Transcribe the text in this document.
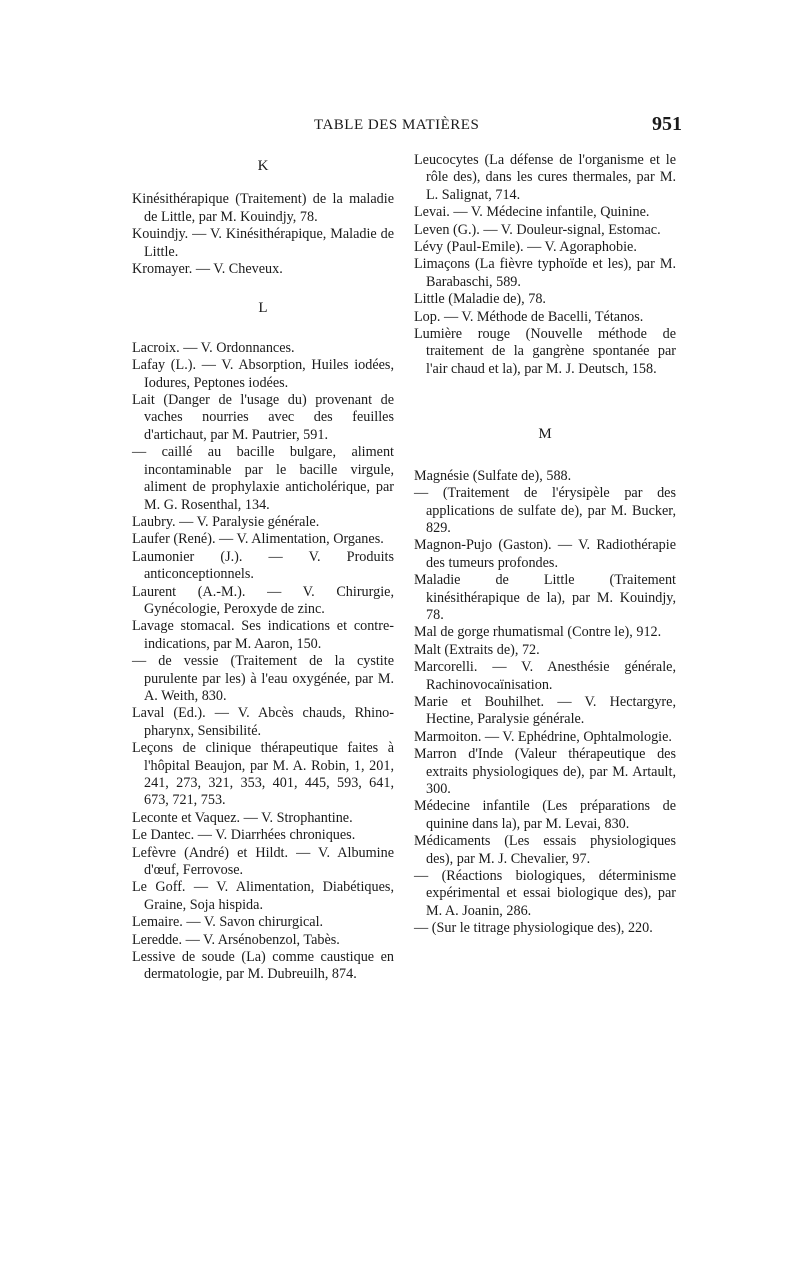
TABLE DES MATIÈRES	951

K

Kinésithérapique (Traitement) de la maladie de Little, par M. Kouindjy, 78.

Kouindjy. — V. Kinésithérapique, Maladie de Little.

Kromayer. — V. Cheveux.

L

Lacroix. — V. Ordonnances.

Lafay (L.). — V. Absorption, Huiles iodées, Iodures, Peptones iodées.

Lait (Danger de l'usage du) provenant de vaches nourries avec des feuilles d'artichaut, par M. Pautrier, 591.

— caillé au bacille bulgare, aliment incontaminable par le bacille virgule, aliment de prophylaxie anticholérique, par M. G. Rosenthal, 134.

Laubry. — V. Paralysie générale.

Laufer (René). — V. Alimentation, Organes.

Laumonier (J.). — V. Produits anticonceptionnels.

Laurent (A.-M.). — V. Chirurgie, Gynécologie, Peroxyde de zinc.

Lavage stomacal. Ses indications et contre-indications, par M. Aaron, 150.

— de vessie (Traitement de la cystite purulente par les) à l'eau oxygénée, par M. A. Weith, 830.

Laval (Ed.). — V. Abcès chauds, Rhino-pharynx, Sensibilité.

Leçons de clinique thérapeutique faites à l'hôpital Beaujon, par M. A. Robin, 1, 201, 241, 273, 321, 353, 401, 445, 593, 641, 673, 721, 753.

Leconte et Vaquez. — V. Strophantine.

Le Dantec. — V. Diarrhées chroniques.

Lefèvre (André) et Hildt. — V. Albumine d'œuf, Ferrovose.

Le Goff. — V. Alimentation, Diabétiques, Graine, Soja hispida.

Lemaire. — V. Savon chirurgical.

Leredde. — V. Arsénobenzol, Tabès.

Lessive de soude (La) comme caustique en dermatologie, par M. Dubreuilh, 874.

Leucocytes (La défense de l'organisme et le rôle des), dans les cures thermales, par M. L. Salignat, 714.

Levai. — V. Médecine infantile, Quinine.

Leven (G.). — V. Douleur-signal, Estomac.

Lévy (Paul-Emile). — V. Agoraphobie.

Limaçons (La fièvre typhoïde et les), par M. Barabaschi, 589.

Little (Maladie de), 78.

Lop. — V. Méthode de Bacelli, Tétanos.

Lumière rouge (Nouvelle méthode de traitement de la gangrène spontanée par l'air chaud et la), par M. J. Deutsch, 158.

M

Magnésie (Sulfate de), 588.

— (Traitement de l'érysipèle par des applications de sulfate de), par M. Bucker, 829.

Magnon-Pujo (Gaston). — V. Radiothérapie des tumeurs profondes.

Maladie de Little (Traitement kinésithérapique de la), par M. Kouindjy, 78.

Mal de gorge rhumatismal (Contre le), 912.

Malt (Extraits de), 72.

Marcorelli. — V. Anesthésie générale, Rachinovocaïnisation.

Marie et Bouhilhet. — V. Hectargyre, Hectine, Paralysie générale.

Marmoiton. — V. Ephédrine, Ophtalmologie.

Marron d'Inde (Valeur thérapeutique des extraits physiologiques de), par M. Artault, 300.

Médecine infantile (Les préparations de quinine dans la), par M. Levai, 830.

Médicaments (Les essais physiologiques des), par M. J. Chevalier, 97.

— (Réactions biologiques, déterminisme expérimental et essai biologique des), par M. A. Joanin, 286.

— (Sur le titrage physiologique des), 220.
